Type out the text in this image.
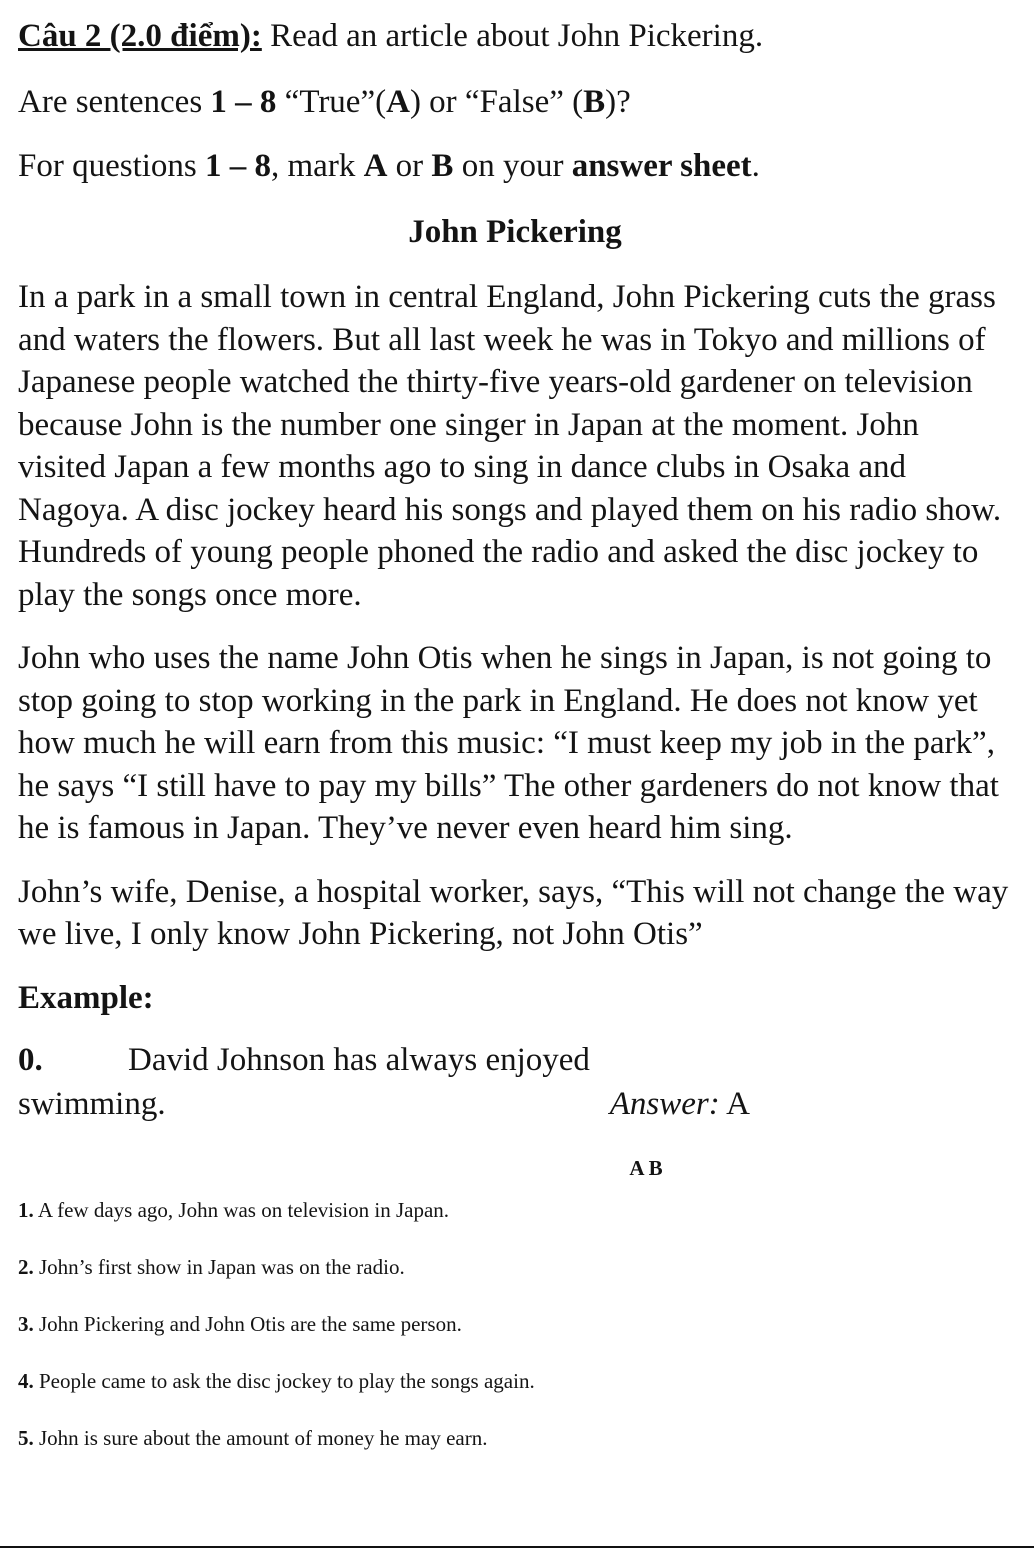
Câu 2 (2.0 điểm): Read an article about John Pickering.

Are sentences 1 – 8 “True”(A) or “False” (B)?

For questions 1 – 8, mark A or B on your answer sheet.

John Pickering

In a park in a small town in central England, John Pickering cuts the grass and waters the flowers. But all last week he was in Tokyo and millions of Japanese people watched the thirty-five years-old gardener on television because John is the number one singer in Japan at the moment. John visited Japan a few months ago to sing in dance clubs in Osaka and Nagoya. A disc jockey heard his songs and played them on his radio show. Hundreds of young people phoned the radio and asked the disc jockey to play the songs once more.

John who uses the name John Otis when he sings in Japan, is not going to stop going to stop working in the park in England. He does not know yet how much he will earn from this music: “I must keep my job in the park”, he says “I still have to pay my bills” The other gardeners do not know that he is famous in Japan. They’ve never even heard him sing.

John’s wife, Denise, a hospital worker, says, “This will not change the way we live, I only know John Pickering, not John Otis”

Example:
0.	David Johnson has always enjoyed
swimming.	Answer: A
A B

1. A few days ago, John was on television in Japan.

2. John’s first show in Japan was on the radio.

3. John Pickering and John Otis are the same person.

4. People came to ask the disc jockey to play the songs again.

5. John is sure about the amount of money he may earn.
